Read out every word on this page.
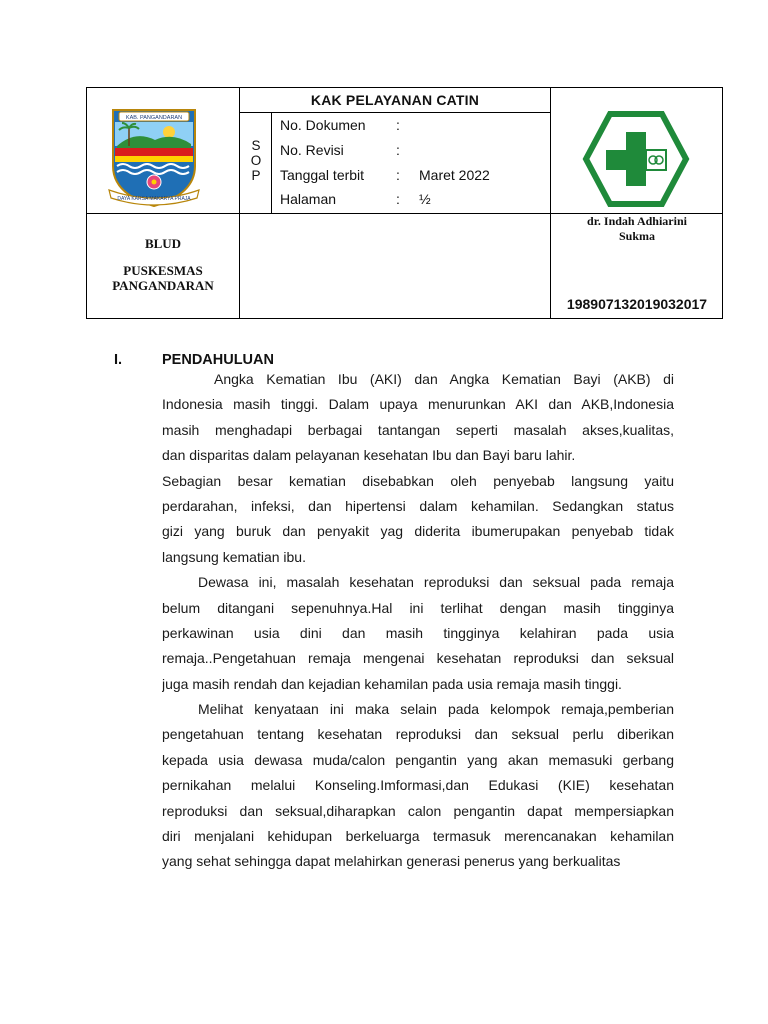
KAB. PANGANDARAN
DAYA KARSA MAKARYA PRAJA
KAK PELAYANAN CATIN
S
O
P
No. Dokumen :
No. Revisi	:
Tanggal terbit : Maret 2022
Halaman	: ½
BLUD
PUSKESMAS
PANGANDARAN
dr. Indah Adhiarini
Sukma
198907132019032017
I.	PENDAHULUAN
Angka Kematian Ibu (AKI) dan Angka Kematian Bayi (AKB) di
Indonesia masih tinggi. Dalam upaya menurunkan AKI dan AKB,Indonesia
masih menghadapi berbagai tantangan seperti masalah akses,kualitas,
dan disparitas dalam pelayanan kesehatan Ibu dan Bayi baru lahir.
Sebagian besar kematian disebabkan oleh penyebab langsung yaitu
perdarahan, infeksi, dan hipertensi dalam kehamilan. Sedangkan status
gizi yang buruk dan penyakit yag diderita ibumerupakan penyebab tidak
langsung kematian ibu.
Dewasa ini, masalah kesehatan reproduksi dan seksual pada remaja
belum ditangani sepenuhnya.Hal ini terlihat dengan masih tingginya
perkawinan usia dini dan masih tingginya kelahiran pada usia
remaja..Pengetahuan remaja mengenai kesehatan reproduksi dan seksual
juga masih rendah dan kejadian kehamilan pada usia remaja masih tinggi.
Melihat kenyataan ini maka selain pada kelompok remaja,pemberian
pengetahuan tentang kesehatan reproduksi dan seksual perlu diberikan
kepada usia dewasa muda/calon pengantin yang akan memasuki gerbang
pernikahan melalui Konseling.Imformasi,dan Edukasi (KIE) kesehatan
reproduksi dan seksual,diharapkan calon pengantin dapat mempersiapkan
diri menjalani kehidupan berkeluarga termasuk merencanakan kehamilan
yang sehat sehingga dapat melahirkan generasi penerus yang berkualitas
